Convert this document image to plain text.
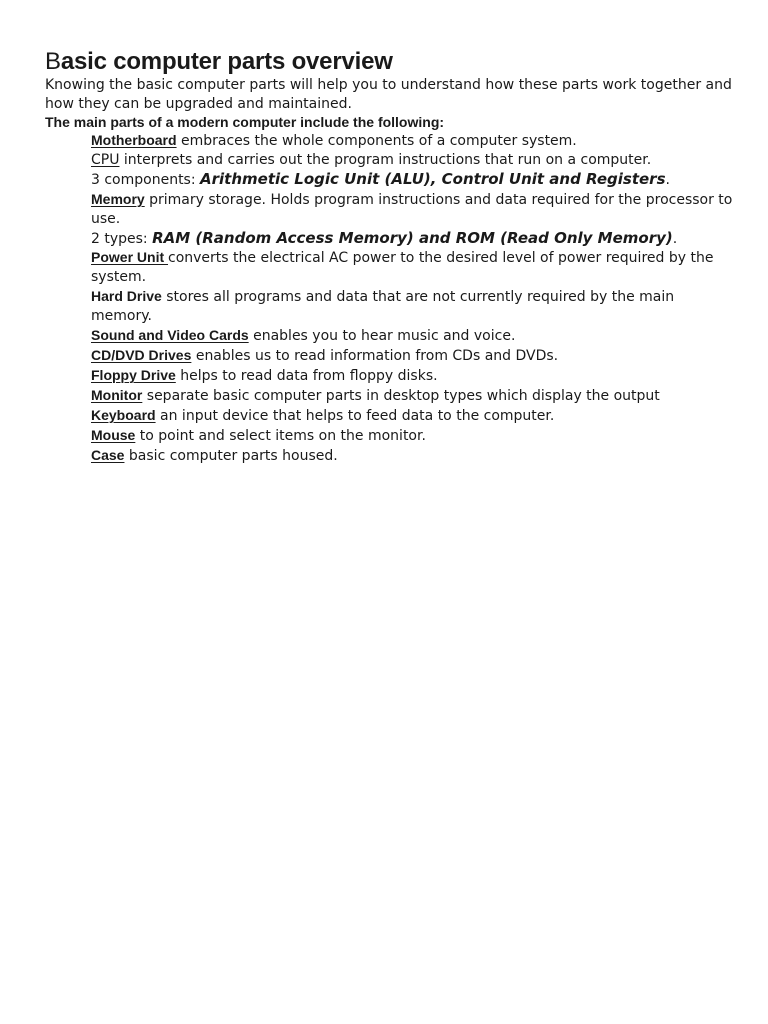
Basic computer parts overview

Knowing the basic computer parts will help you to understand how these parts work together and how they can be upgraded and maintained.

The main parts of a modern computer include the following:

Motherboard embraces the whole components of a computer system.
CPU interprets and carries out the program instructions that run on a computer.
3 components: Arithmetic Logic Unit (ALU), Control Unit and Registers.
Memory primary storage. Holds program instructions and data required for the processor to use.
2 types: RAM (Random Access Memory) and ROM (Read Only Memory).
Power Unit converts the electrical AC power to the desired level of power required by the system.
Hard Drive stores all programs and data that are not currently required by the main memory.
Sound and Video Cards enables you to hear music and voice.
CD/DVD Drives enables us to read information from CDs and DVDs.
Floppy Drive helps to read data from floppy disks.
Monitor separate basic computer parts in desktop types which display the output
Keyboard an input device that helps to feed data to the computer.
Mouse to point and select items on the monitor.
Case basic computer parts housed.
